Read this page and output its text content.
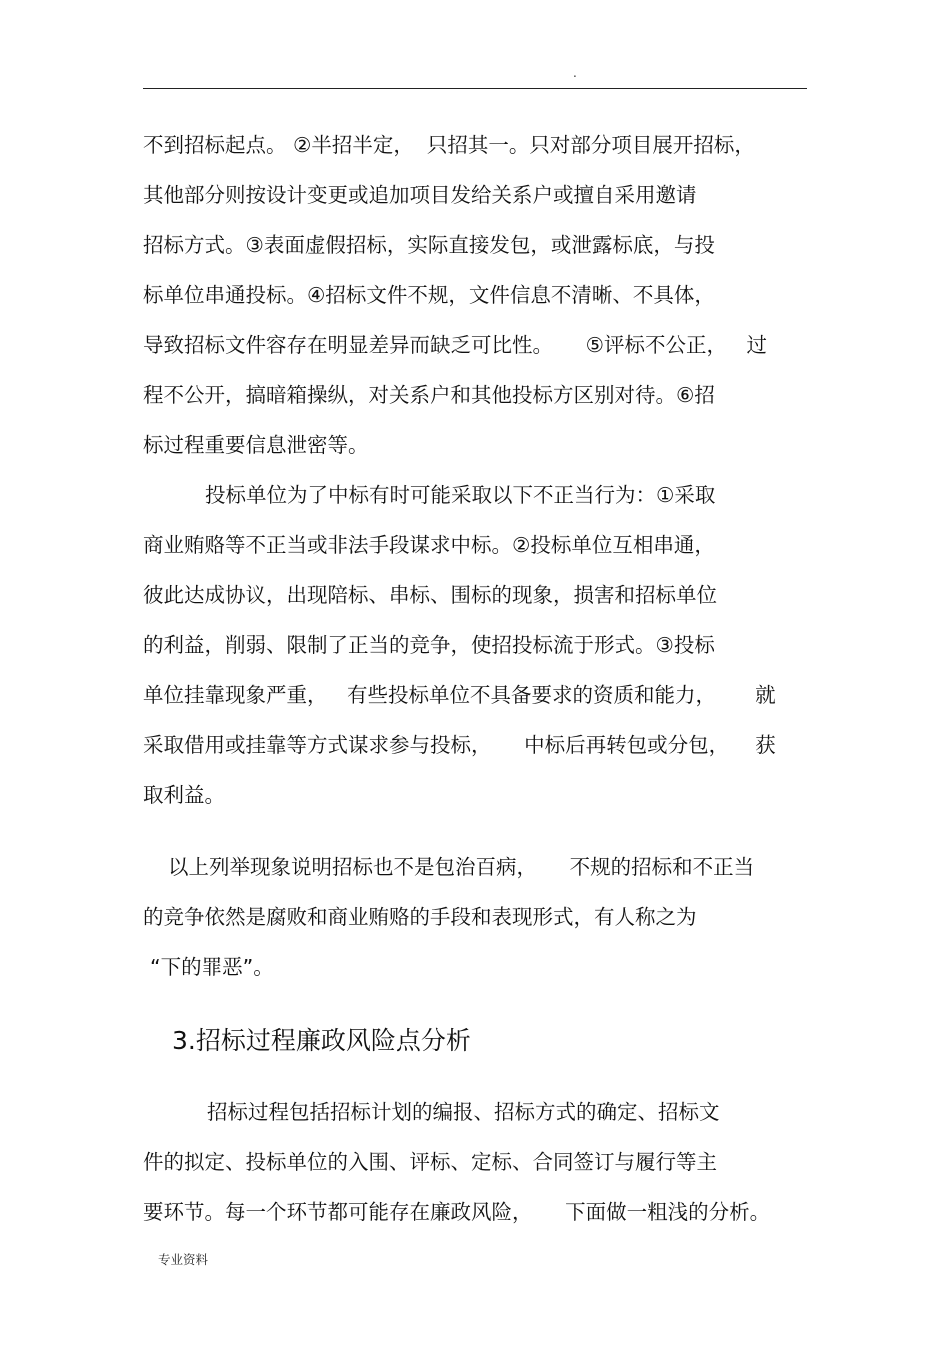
.
不到招标起点。 ②半招半定，  只招其一。只对部分项目展开招标，
其他部分则按设计变更或追加项目发给关系户或擅自采用邀请
招标方式。③表面虚假招标，实际直接发包，或泄露标底，与投
标单位串通投标。④招标文件不规，文件信息不清晰、不具体，
导致招标文件容存在明显差异而缺乏可比性。     ⑤评标不公正，   过
程不公开，搞暗箱操纵，对关系户和其他投标方区别对待。⑥招
标过程重要信息泄密等。
投标单位为了中标有时可能采取以下不正当行为：①采取
商业贿赂等不正当或非法手段谋求中标。②投标单位互相串通，
彼此达成协议，出现陪标、串标、围标的现象，损害和招标单位
的利益，削弱、限制了正当的竞争，使招投标流于形式。③投标
单位挂靠现象严重，   有些投标单位不具备要求的资质和能力，      就
采取借用或挂靠等方式谋求参与投标，     中标后再转包或分包，    获
取利益。
以上列举现象说明招标也不是包治百病，     不规的招标和不正当
的竞争依然是腐败和商业贿赂的手段和表现形式，有人称之为
“下的罪恶”。
3.招标过程廉政风险点分析
招标过程包括招标计划的编报、招标方式的确定、招标文
件的拟定、投标单位的入围、评标、定标、合同签订与履行等主
要环节。每一个环节都可能存在廉政风险，     下面做一粗浅的分析。
专业资料
